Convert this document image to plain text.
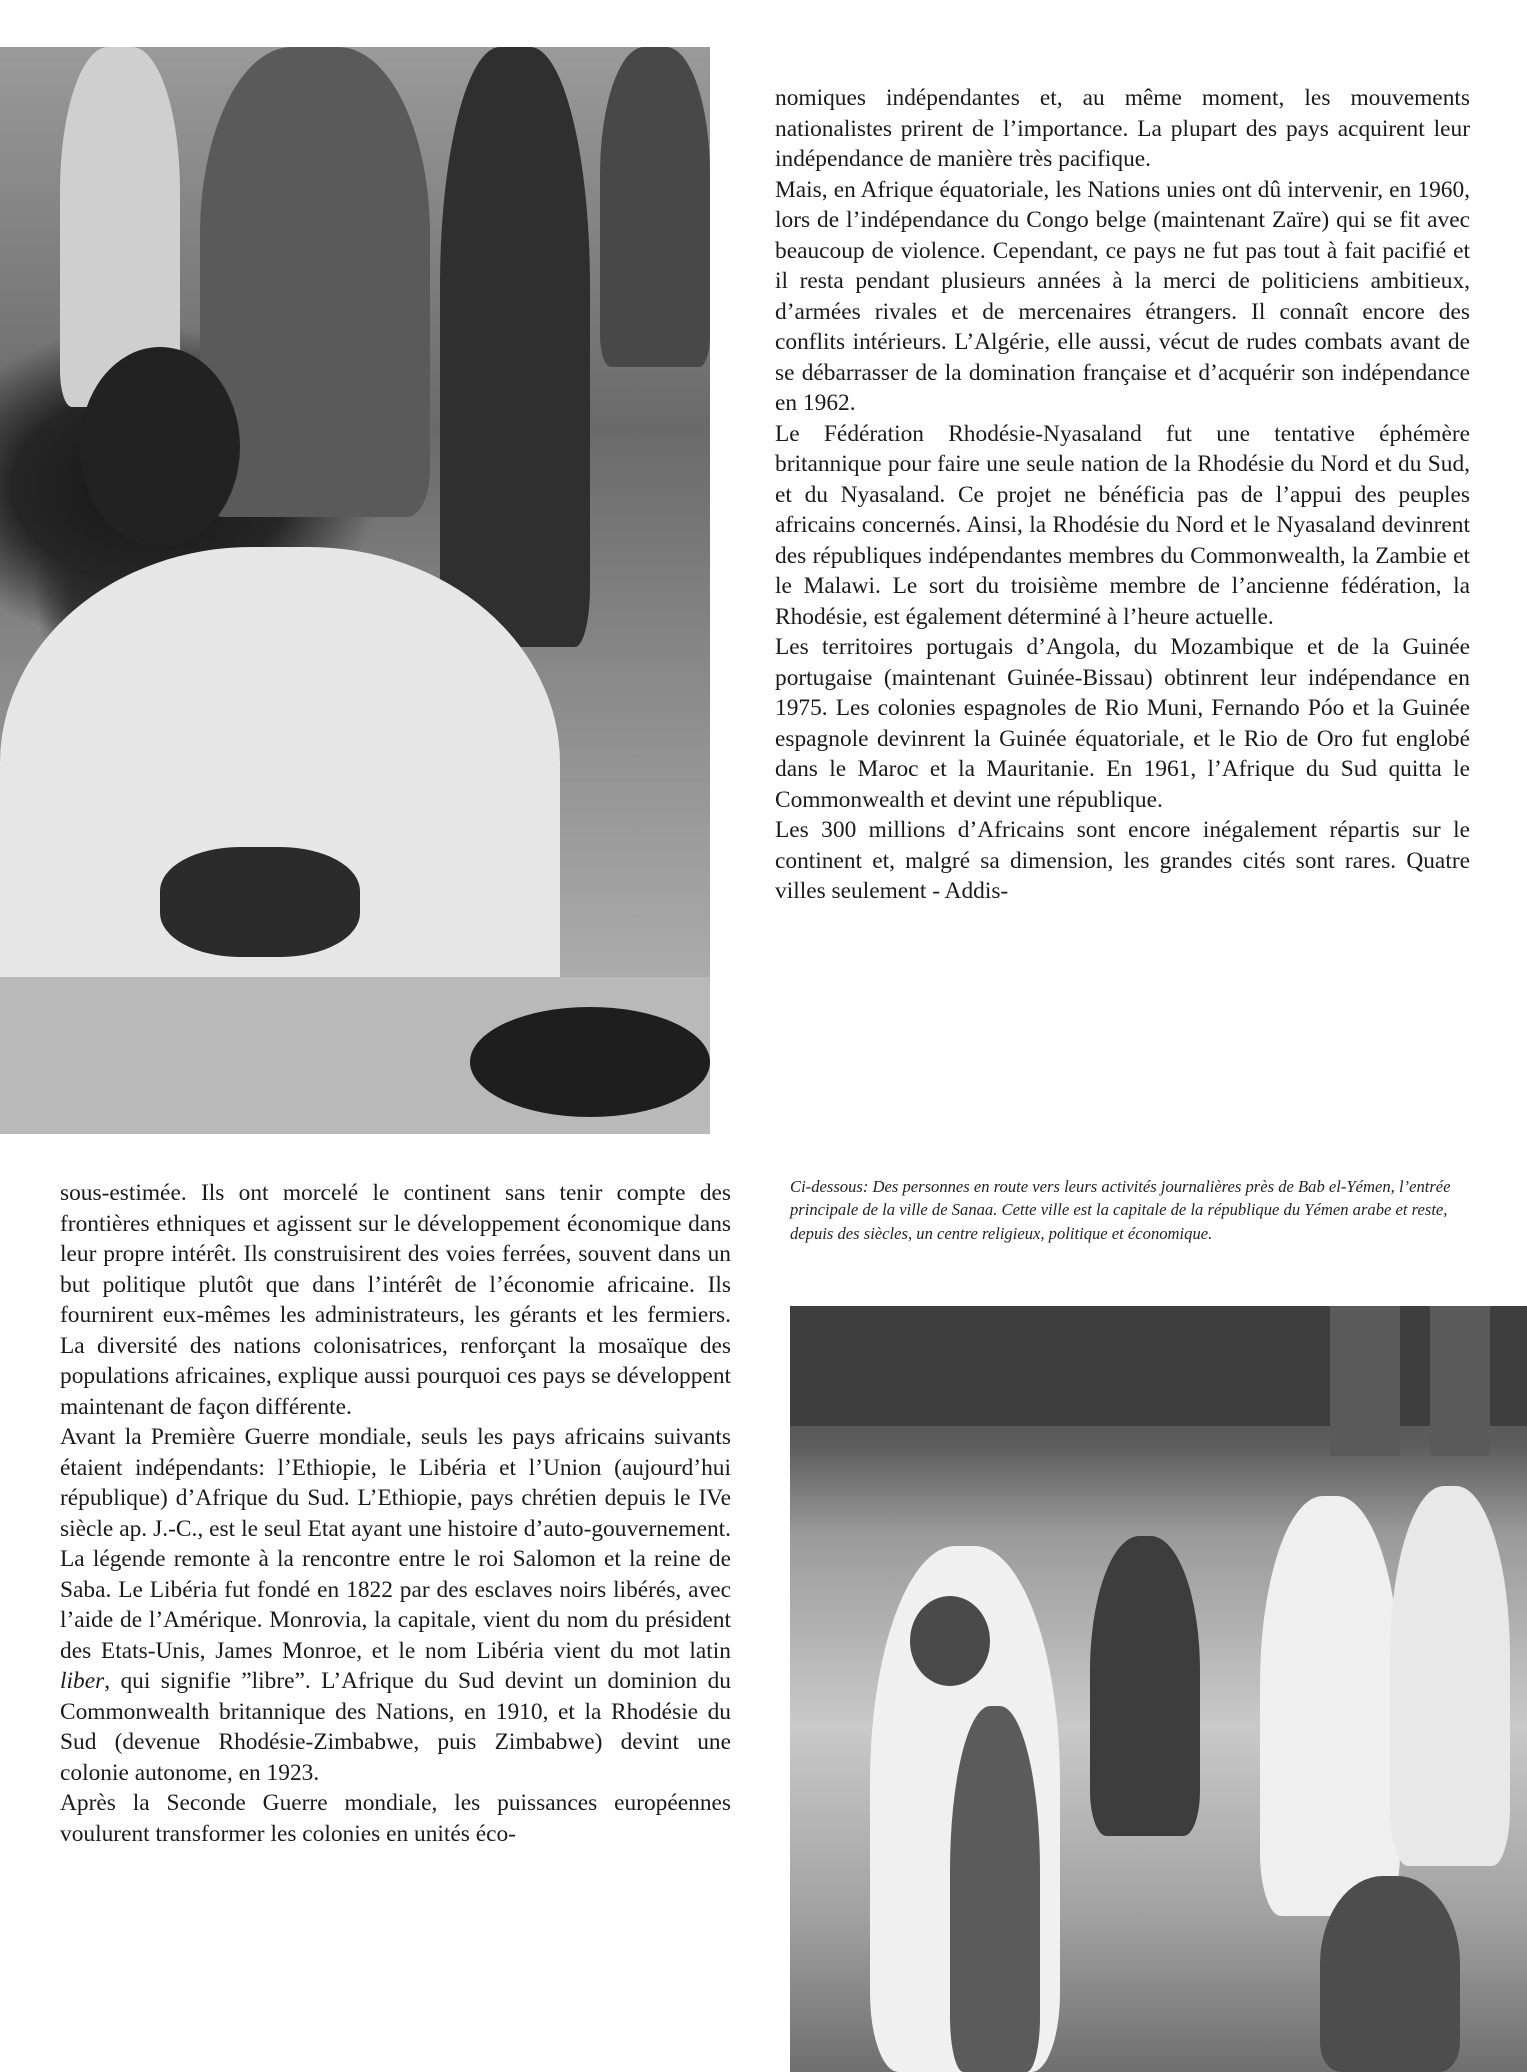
nomiques indépendantes et, au même moment, les mouvements nationalistes prirent de l’importance. La plupart des pays acquirent leur indépendance de manière très pacifique.

Mais, en Afrique équatoriale, les Nations unies ont dû intervenir, en 1960, lors de l’indépendance du Congo belge (maintenant Zaïre) qui se fit avec beaucoup de violence. Cependant, ce pays ne fut pas tout à fait pacifié et il resta pendant plusieurs années à la merci de politiciens ambitieux, d’armées rivales et de mercenaires étrangers. Il connaît encore des conflits intérieurs. L’Algérie, elle aussi, vécut de rudes combats avant de se débarrasser de la domination française et d’acquérir son indépendance en 1962.

Le Fédération Rhodésie-Nyasaland fut une tentative éphémère britannique pour faire une seule nation de la Rhodésie du Nord et du Sud, et du Nyasaland. Ce projet ne bénéficia pas de l’appui des peuples africains concernés. Ainsi, la Rhodésie du Nord et le Nyasaland devinrent des républiques indépendantes membres du Commonwealth, la Zambie et le Malawi. Le sort du troisième membre de l’ancienne fédération, la Rhodésie, est également déterminé à l’heure actuelle.

Les territoires portugais d’Angola, du Mozambique et de la Guinée portugaise (maintenant Guinée-Bissau) obtinrent leur indépendance en 1975. Les colonies espagnoles de Rio Muni, Fernando Póo et la Guinée espagnole devinrent la Guinée équatoriale, et le Rio de Oro fut englobé dans le Maroc et la Mauritanie. En 1961, l’Afrique du Sud quitta le Commonwealth et devint une république.

Les 300 millions d’Africains sont encore inégalement répartis sur le continent et, malgré sa dimension, les grandes cités sont rares. Quatre villes seulement - Addis-

sous-estimée. Ils ont morcelé le continent sans tenir compte des frontières ethniques et agissent sur le développement économique dans leur propre intérêt. Ils construisirent des voies ferrées, souvent dans un but politique plutôt que dans l’intérêt de l’économie africaine. Ils fournirent eux-mêmes les administrateurs, les gérants et les fermiers. La diversité des nations colonisatrices, renforçant la mosaïque des populations africaines, explique aussi pourquoi ces pays se développent maintenant de façon différente.

Avant la Première Guerre mondiale, seuls les pays africains suivants étaient indépendants: l’Ethiopie, le Libéria et l’Union (aujourd’hui république) d’Afrique du Sud. L’Ethiopie, pays chrétien depuis le IVe siècle ap. J.-C., est le seul Etat ayant une histoire d’auto-gouvernement. La légende remonte à la rencontre entre le roi Salomon et la reine de Saba. Le Libéria fut fondé en 1822 par des esclaves noirs libérés, avec l’aide de l’Amérique. Monrovia, la capitale, vient du nom du président des Etats-Unis, James Monroe, et le nom Libéria vient du mot latin liber, qui signifie ”libre”. L’Afrique du Sud devint un dominion du Commonwealth britannique des Nations, en 1910, et la Rhodésie du Sud (devenue Rhodésie-Zimbabwe, puis Zimbabwe) devint une colonie autonome, en 1923.

Après la Seconde Guerre mondiale, les puissances européennes voulurent transformer les colonies en unités éco-

Ci-dessous: Des personnes en route vers leurs activités journalières près de Bab el-Yémen, l’entrée principale de la ville de Sanaa. Cette ville est la capitale de la république du Yémen arabe et reste, depuis des siècles, un centre religieux, politique et économique.
